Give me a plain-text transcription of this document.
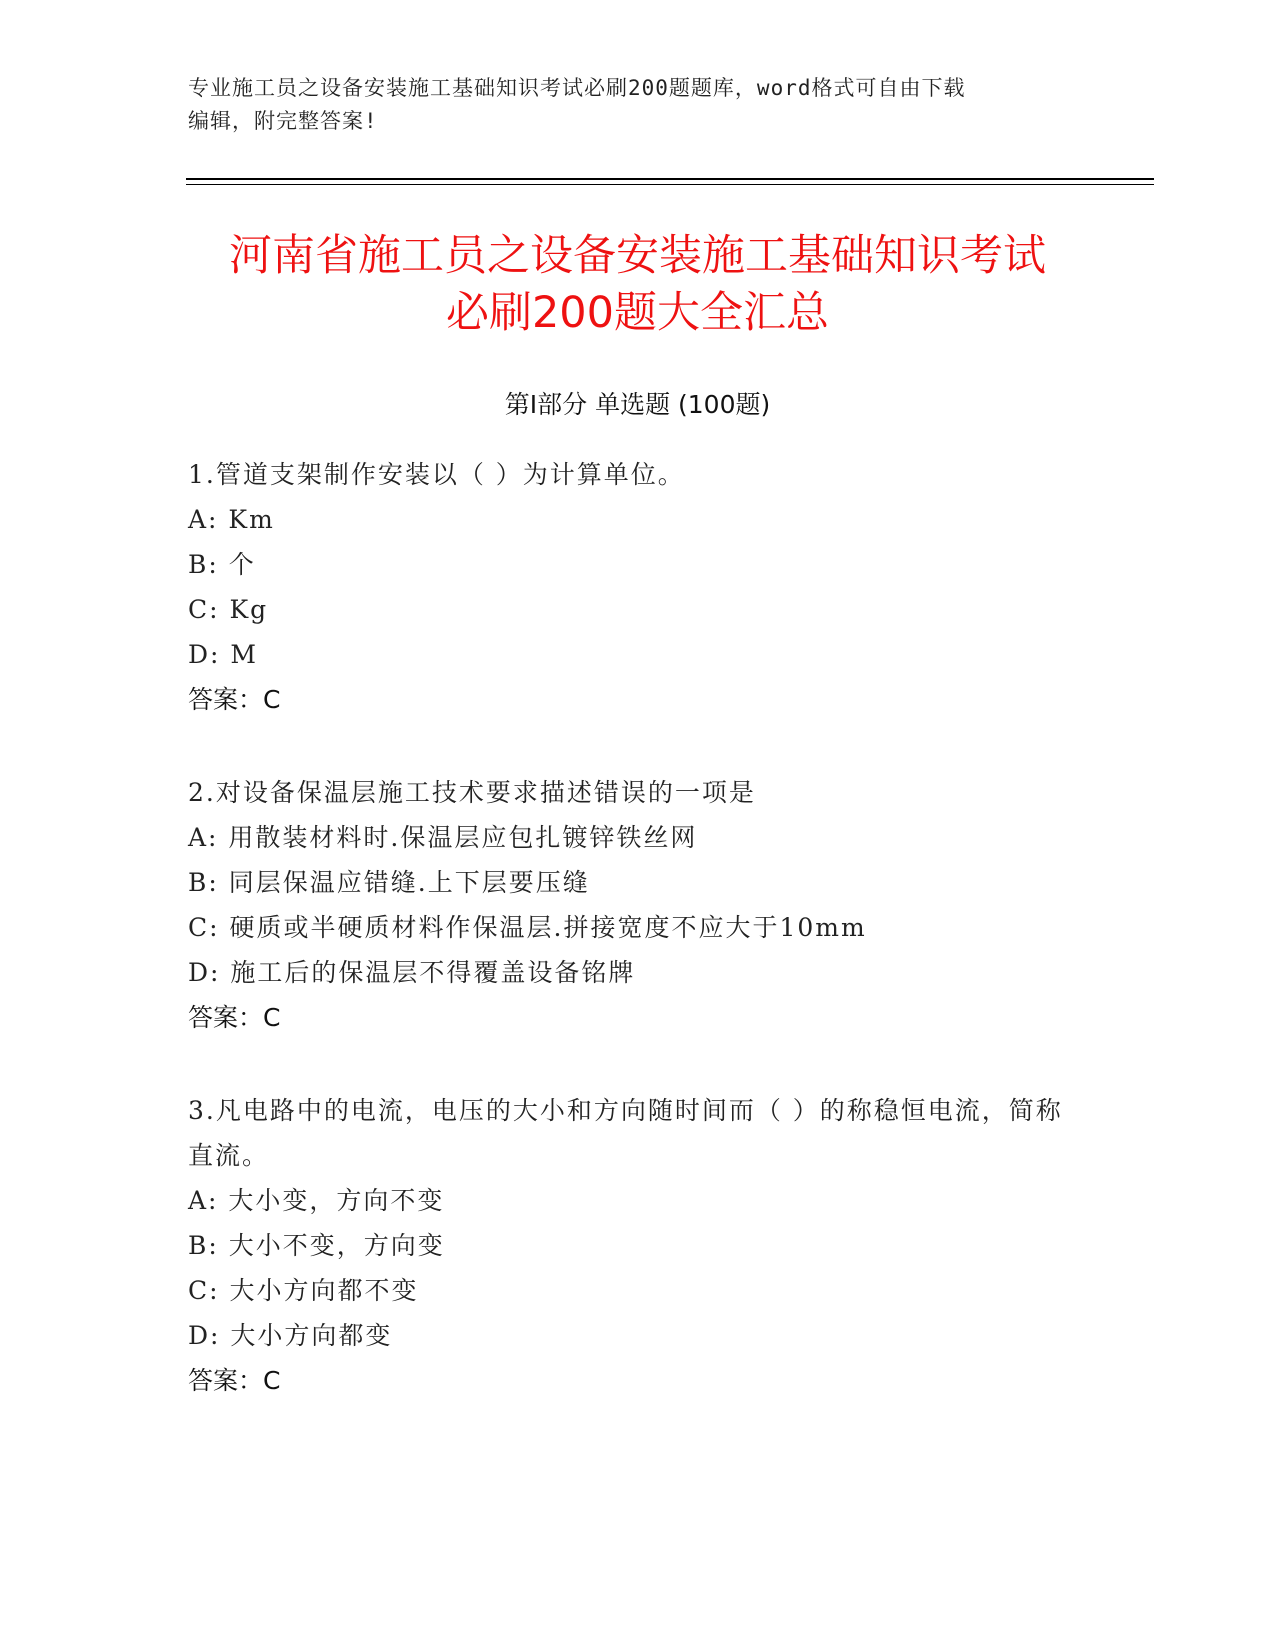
专业施工员之设备安装施工基础知识考试必刷200题题库，word格式可自由下载
编辑，附完整答案!
河南省施工员之设备安装施工基础知识考试
必刷200题大全汇总
第I部分 单选题 (100题)

1.管道支架制作安装以（ ）为计算单位。

A: Km

B: 个

C: Kg

D: M

答案：C

2.对设备保温层施工技术要求描述错误的一项是

A: 用散装材料时.保温层应包扎镀锌铁丝网

B: 同层保温应错缝.上下层要压缝

C: 硬质或半硬质材料作保温层.拼接宽度不应大于10mm

D: 施工后的保温层不得覆盖设备铭牌

答案：C

3.凡电路中的电流，电压的大小和方向随时间而（ ）的称稳恒电流，简称直流。

A: 大小变，方向不变

B: 大小不变，方向变

C: 大小方向都不变

D: 大小方向都变

答案：C
